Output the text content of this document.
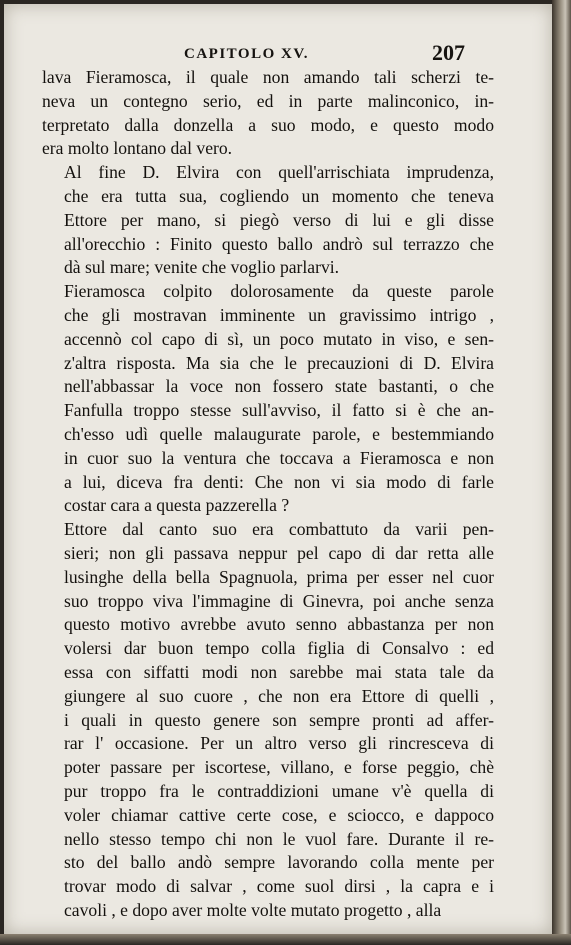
CAPITOLO XV.	207
lava Fieramosca, il quale non amando tali scherzi te-
neva un contegno serio, ed in parte malinconico, in-
terpretato dalla donzella a suo modo, e questo modo
era molto lontano dal vero.
Al fine D. Elvira con quell'arrischiata imprudenza,
che era tutta sua, cogliendo un momento che teneva
Ettore per mano, si piegò verso di lui e gli disse
all'orecchio : Finito questo ballo andrò sul terrazzo che
dà sul mare; venite che voglio parlarvi.
Fieramosca colpito dolorosamente da queste parole
che gli mostravan imminente un gravissimo intrigo ,
accennò col capo di sì, un poco mutato in viso, e sen-
z'altra risposta. Ma sia che le precauzioni di D. Elvira
nell'abbassar la voce non fossero state bastanti, o che
Fanfulla troppo stesse sull'avviso, il fatto si è che an-
ch'esso udì quelle malaugurate parole, e bestemmiando
in cuor suo la ventura che toccava a Fieramosca e non
a lui, diceva fra denti: Che non vi sia modo di farle
costar cara a questa pazzerella ?
Ettore dal canto suo era combattuto da varii pen-
sieri; non gli passava neppur pel capo di dar retta alle
lusinghe della bella Spagnuola, prima per esser nel cuor
suo troppo viva l'immagine di Ginevra, poi anche senza
questo motivo avrebbe avuto senno abbastanza per non
volersi dar buon tempo colla figlia di Consalvo : ed
essa con siffatti modi non sarebbe mai stata tale da
giungere al suo cuore , che non era Ettore di quelli ,
i quali in questo genere son sempre pronti ad affer-
rar l' occasione. Per un altro verso gli rincresceva di
poter passare per iscortese, villano, e forse peggio, chè
pur troppo fra le contraddizioni umane v'è quella di
voler chiamar cattive certe cose, e sciocco, e dappoco
nello stesso tempo chi non le vuol fare. Durante il re-
sto del ballo andò sempre lavorando colla mente per
trovar modo di salvar , come suol dirsi , la capra e i
cavoli , e dopo aver molte volte mutato progetto , alla
